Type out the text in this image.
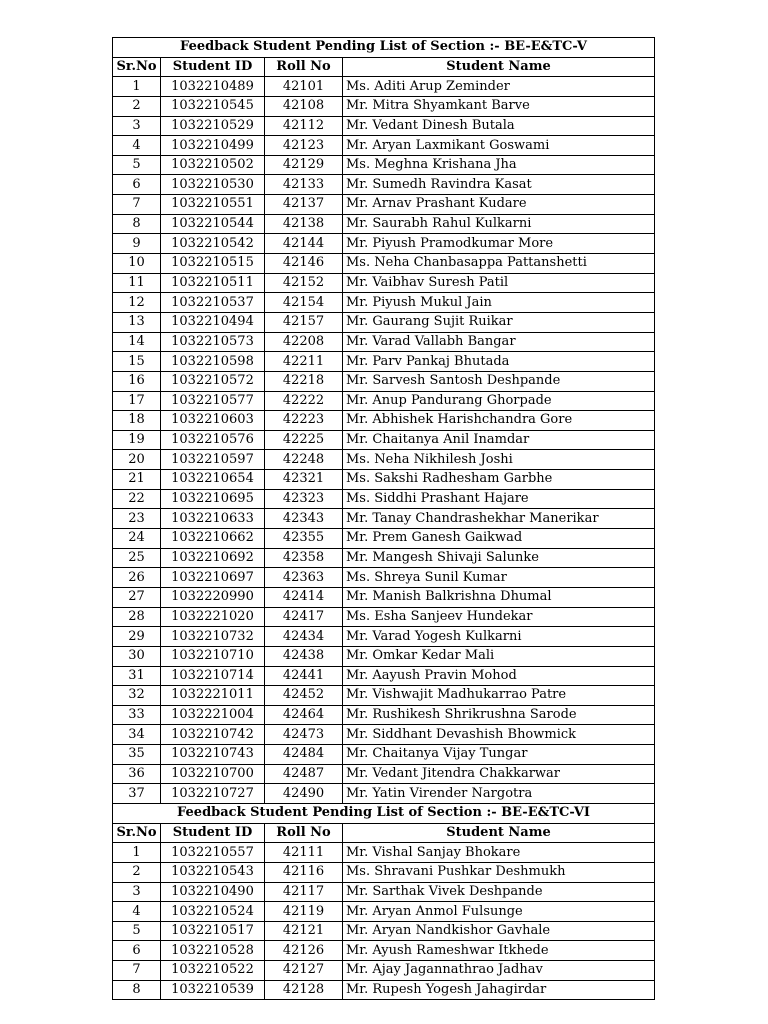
Feedback Student Pending List of Section :- BE-E&TC-V			
Sr.No	Student ID	Roll No	Student Name
1	1032210489	42101	Ms. Aditi Arup Zeminder
2	1032210545	42108	Mr. Mitra Shyamkant Barve
3	1032210529	42112	Mr. Vedant Dinesh Butala
4	1032210499	42123	Mr. Aryan Laxmikant Goswami
5	1032210502	42129	Ms. Meghna Krishana Jha
6	1032210530	42133	Mr. Sumedh Ravindra Kasat
7	1032210551	42137	Mr. Arnav Prashant Kudare
8	1032210544	42138	Mr. Saurabh Rahul Kulkarni
9	1032210542	42144	Mr. Piyush Pramodkumar More
10	1032210515	42146	Ms. Neha Chanbasappa Pattanshetti
11	1032210511	42152	Mr. Vaibhav Suresh Patil
12	1032210537	42154	Mr. Piyush Mukul Jain
13	1032210494	42157	Mr. Gaurang Sujit Ruikar
14	1032210573	42208	Mr. Varad Vallabh Bangar
15	1032210598	42211	Mr. Parv Pankaj Bhutada
16	1032210572	42218	Mr. Sarvesh Santosh Deshpande
17	1032210577	42222	Mr. Anup Pandurang Ghorpade
18	1032210603	42223	Mr. Abhishek Harishchandra Gore
19	1032210576	42225	Mr. Chaitanya Anil Inamdar
20	1032210597	42248	Ms. Neha Nikhilesh Joshi
21	1032210654	42321	Ms. Sakshi Radhesham Garbhe
22	1032210695	42323	Ms. Siddhi Prashant Hajare
23	1032210633	42343	Mr. Tanay Chandrashekhar Manerikar
24	1032210662	42355	Mr. Prem Ganesh Gaikwad
25	1032210692	42358	Mr. Mangesh Shivaji Salunke
26	1032210697	42363	Ms. Shreya Sunil Kumar
27	1032220990	42414	Mr. Manish Balkrishna Dhumal
28	1032221020	42417	Ms. Esha Sanjeev Hundekar
29	1032210732	42434	Mr. Varad Yogesh Kulkarni
30	1032210710	42438	Mr. Omkar Kedar Mali
31	1032210714	42441	Mr. Aayush Pravin Mohod
32	1032221011	42452	Mr. Vishwajit Madhukarrao Patre
33	1032221004	42464	Mr. Rushikesh Shrikrushna Sarode
34	1032210742	42473	Mr. Siddhant Devashish Bhowmick
35	1032210743	42484	Mr. Chaitanya Vijay Tungar
36	1032210700	42487	Mr. Vedant Jitendra Chakkarwar
37	1032210727	42490	Mr. Yatin Virender Nargotra
Feedback Student Pending List of Section :- BE-E&TC-VI			
Sr.No	Student ID	Roll No	Student Name
1	1032210557	42111	Mr. Vishal Sanjay Bhokare
2	1032210543	42116	Ms. Shravani Pushkar Deshmukh
3	1032210490	42117	Mr. Sarthak Vivek Deshpande
4	1032210524	42119	Mr. Aryan Anmol Fulsunge
5	1032210517	42121	Mr. Aryan Nandkishor Gavhale
6	1032210528	42126	Mr. Ayush Rameshwar Itkhede
7	1032210522	42127	Mr. Ajay Jagannathrao Jadhav
8	1032210539	42128	Mr. Rupesh Yogesh Jahagirdar
